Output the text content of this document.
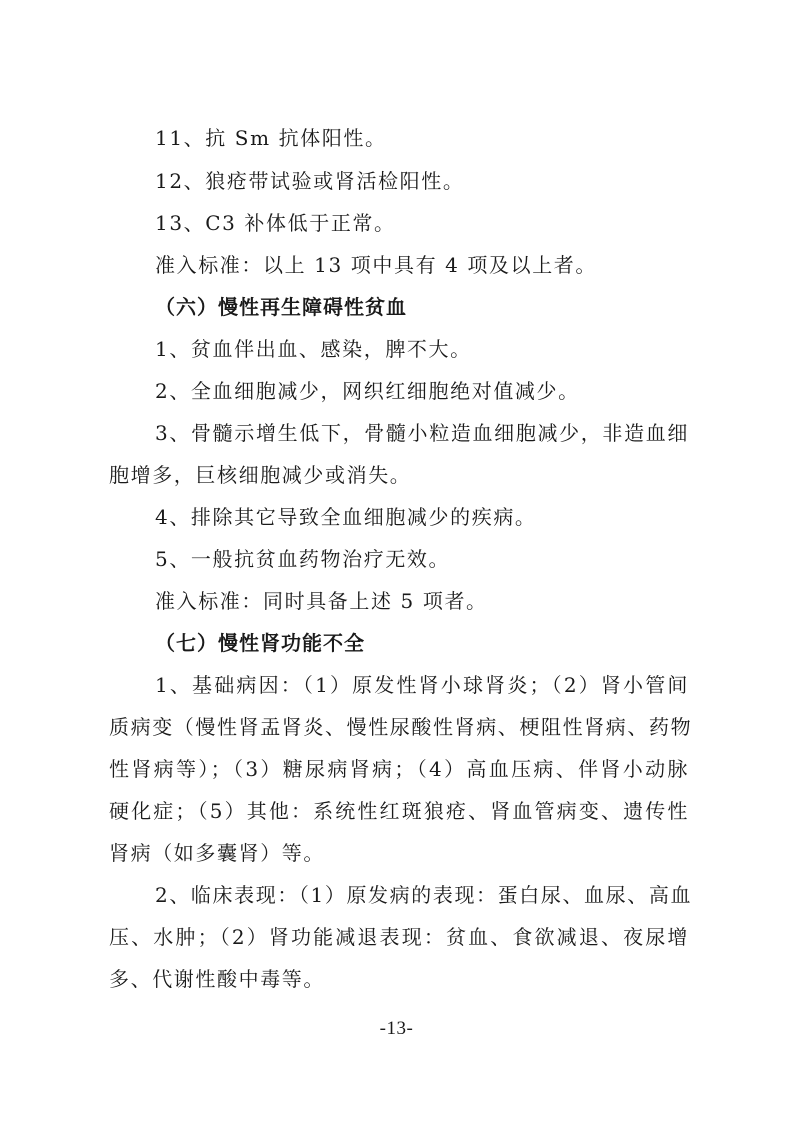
11、抗 Sm 抗体阳性。
12、狼疮带试验或肾活检阳性。
13、C3 补体低于正常。
准入标准：以上 13 项中具有 4 项及以上者。
（六）慢性再生障碍性贫血
1、贫血伴出血、感染，脾不大。
2、全血细胞减少，网织红细胞绝对值减少。
3、骨髓示增生低下，骨髓小粒造血细胞减少，非造血细
胞增多，巨核细胞减少或消失。
4、排除其它导致全血细胞减少的疾病。
5、一般抗贫血药物治疗无效。
准入标准：同时具备上述 5 项者。
（七）慢性肾功能不全
1、基础病因：（1）原发性肾小球肾炎；（2）肾小管间
质病变（慢性肾盂肾炎、慢性尿酸性肾病、梗阻性肾病、药物
性肾病等）；（3）糖尿病肾病；（4）高血压病、伴肾小动脉
硬化症；（5）其他：系统性红斑狼疮、肾血管病变、遗传性
肾病（如多囊肾）等。
2、临床表现：（1）原发病的表现：蛋白尿、血尿、高血
压、水肿；（2）肾功能减退表现：贫血、食欲减退、夜尿增
多、代谢性酸中毒等。
-13-
